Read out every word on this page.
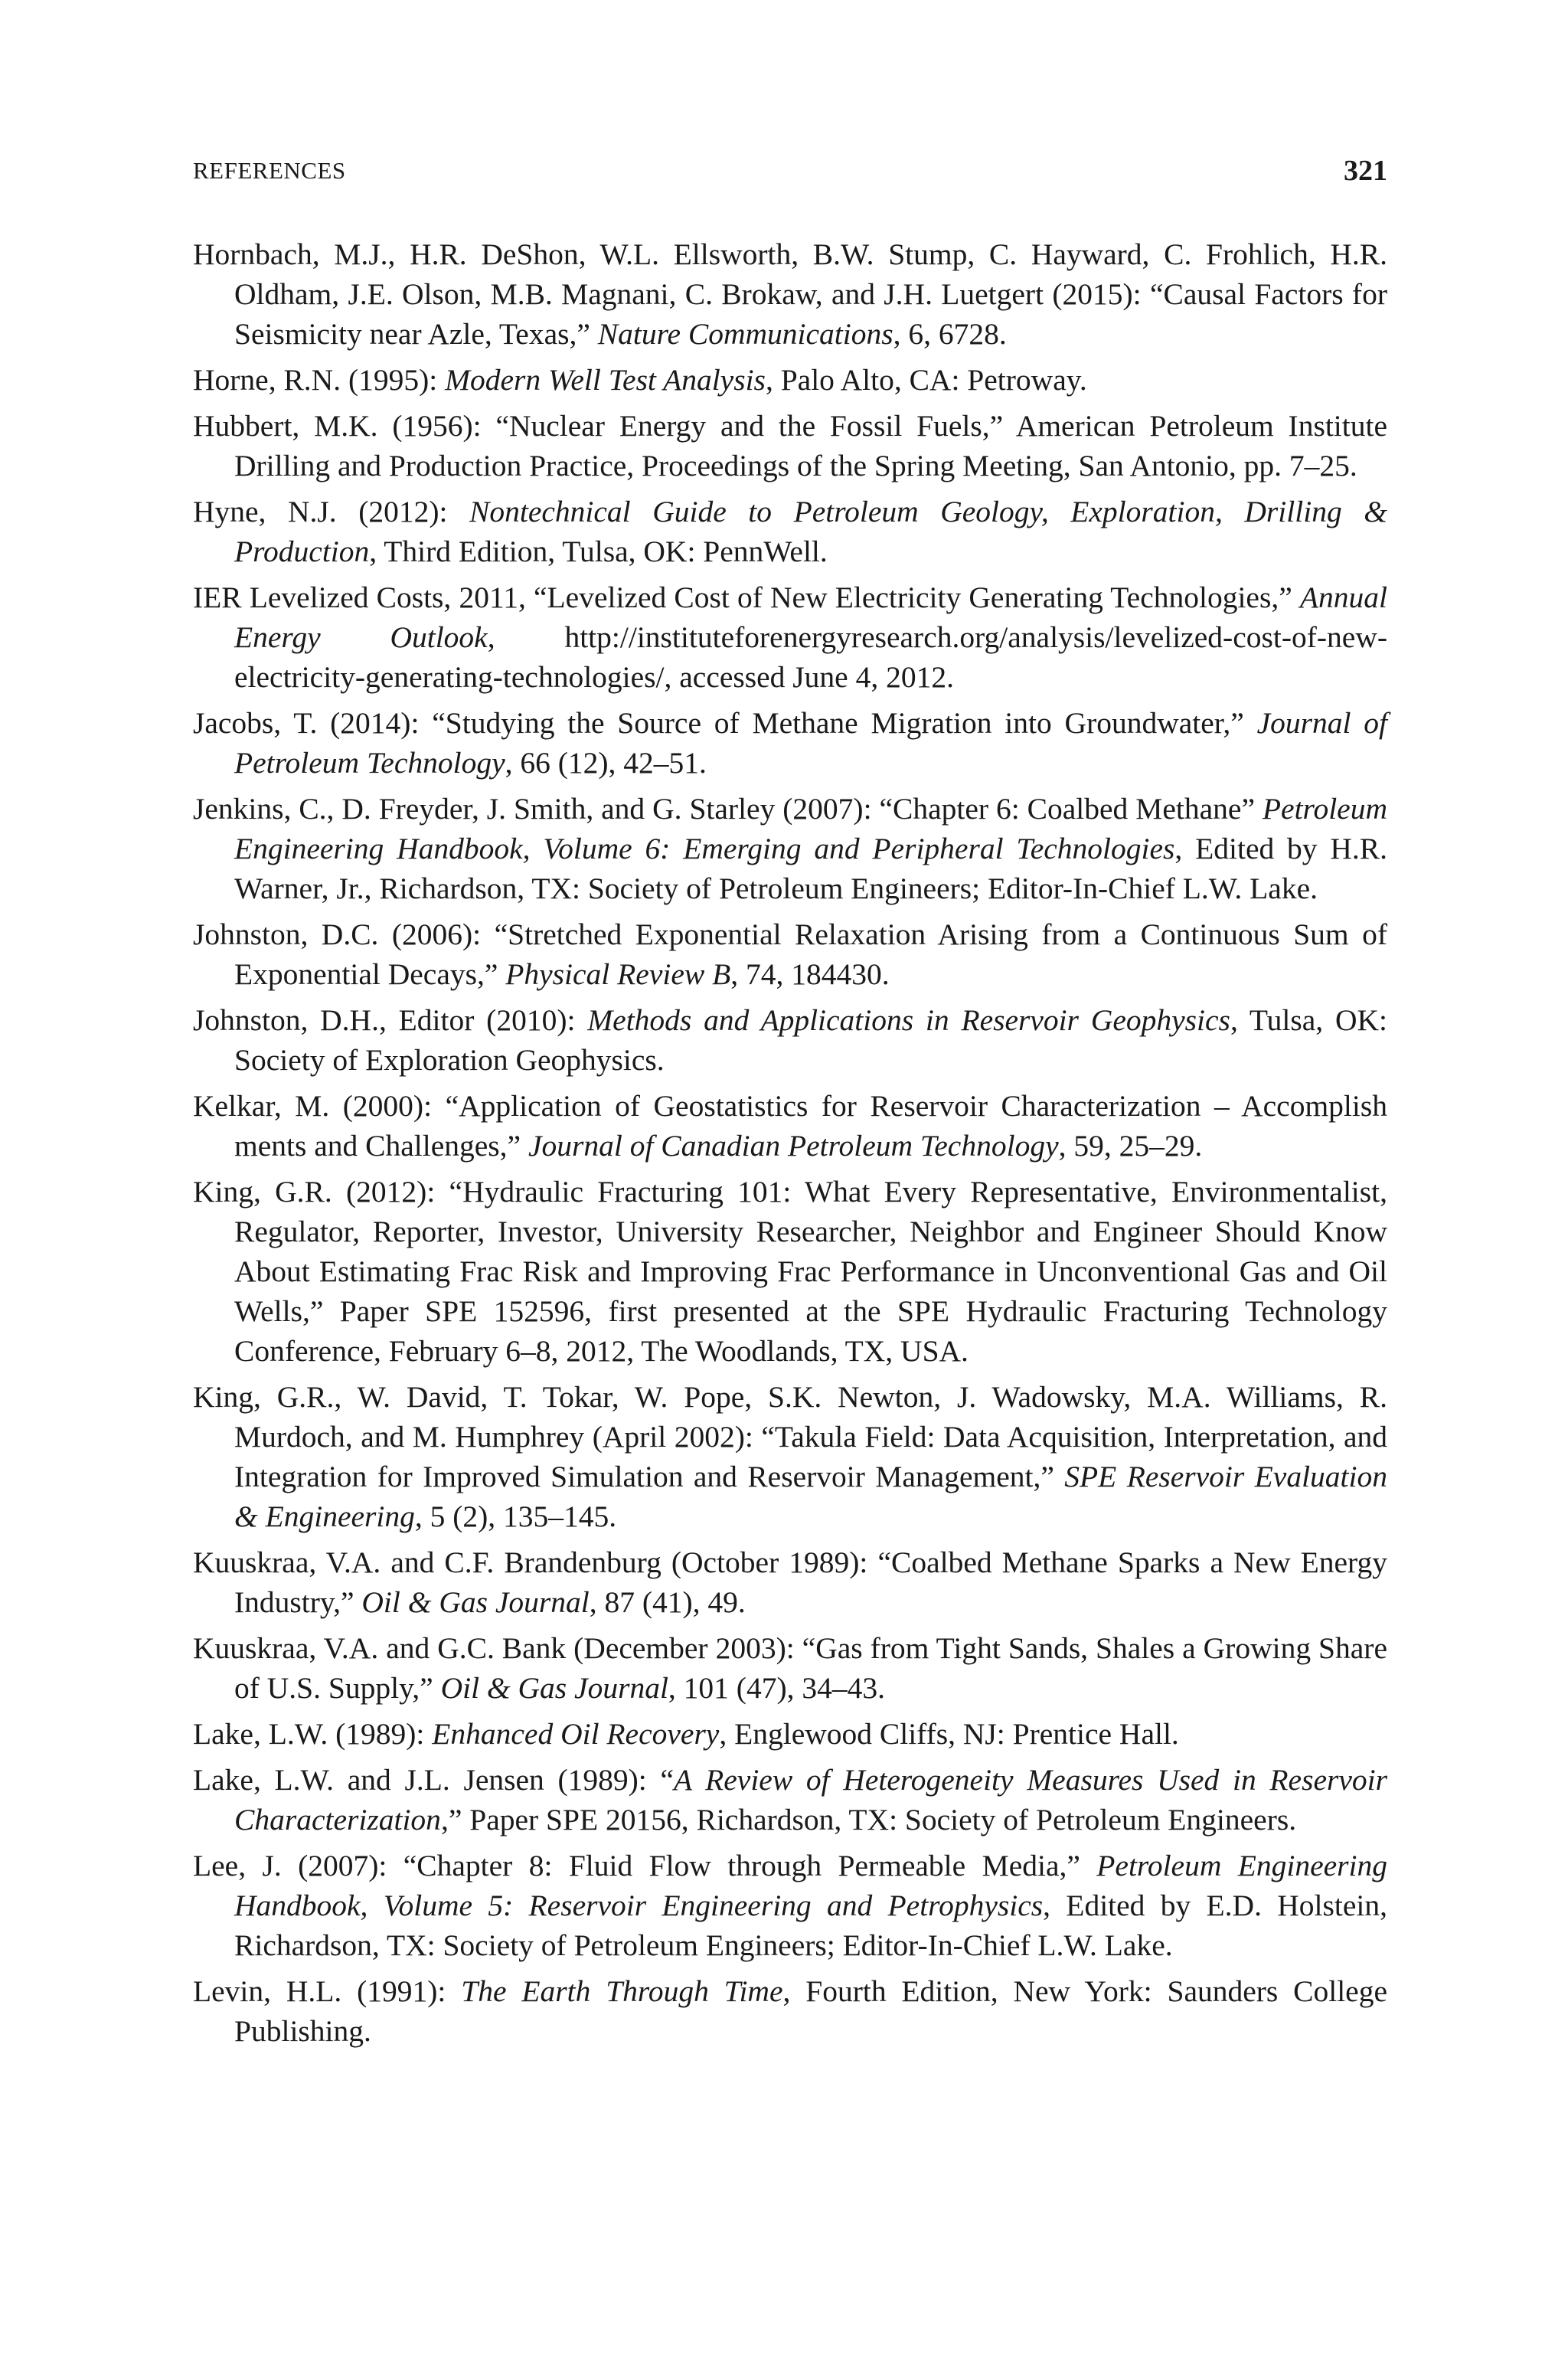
REFERENCES	321

Hornbach, M.J., H.R. DeShon, W.L. Ellsworth, B.W. Stump, C. Hayward, C. Frohlich, H.R. Oldham, J.E. Olson, M.B. Magnani, C. Brokaw, and J.H. Luetgert (2015): “Causal Factors for Seismicity near Azle, Texas,” Nature Communications, 6, 6728.

Horne, R.N. (1995): Modern Well Test Analysis, Palo Alto, CA: Petroway.

Hubbert, M.K. (1956): “Nuclear Energy and the Fossil Fuels,” American Petroleum Institute Drilling and Production Practice, Proceedings of the Spring Meeting, San Antonio, pp. 7–25.

Hyne, N.J. (2012): Nontechnical Guide to Petroleum Geology, Exploration, Drilling & Production, Third Edition, Tulsa, OK: PennWell.

IER Levelized Costs, 2011, “Levelized Cost of New Electricity Generating Technologies,” Annual Energy Outlook, http://instituteforenergyresearch.org/analysis/levelized-cost-of-new-electricity-generating-technologies/, accessed June 4, 2012.

Jacobs, T. (2014): “Studying the Source of Methane Migration into Groundwater,” Journal of Petroleum Technology, 66 (12), 42–51.

Jenkins, C., D. Freyder, J. Smith, and G. Starley (2007): “Chapter 6: Coalbed Methane” Petroleum Engineering Handbook, Volume 6: Emerging and Peripheral Technologies, Edited by H.R. Warner, Jr., Richardson, TX: Society of Petroleum Engineers; Editor-In-Chief L.W. Lake.

Johnston, D.C. (2006): “Stretched Exponential Relaxation Arising from a Continuous Sum of Exponential Decays,” Physical Review B, 74, 184430.

Johnston, D.H., Editor (2010): Methods and Applications in Reservoir Geophysics, Tulsa, OK: Society of Exploration Geophysics.

Kelkar, M. (2000): “Application of Geostatistics for Reservoir Characterization – Accomplish ments and Challenges,” Journal of Canadian Petroleum Technology, 59, 25–29.

King, G.R. (2012): “Hydraulic Fracturing 101: What Every Representative, Environmentalist, Regulator, Reporter, Investor, University Researcher, Neighbor and Engineer Should Know About Estimating Frac Risk and Improving Frac Performance in Unconventional Gas and Oil Wells,” Paper SPE 152596, first presented at the SPE Hydraulic Fracturing Technology Conference, February 6–8, 2012, The Woodlands, TX, USA.

King, G.R., W. David, T. Tokar, W. Pope, S.K. Newton, J. Wadowsky, M.A. Williams, R. Murdoch, and M. Humphrey (April 2002): “Takula Field: Data Acquisition, Interpretation, and Integration for Improved Simulation and Reservoir Management,” SPE Reservoir Evaluation & Engineering, 5 (2), 135–145.

Kuuskraa, V.A. and C.F. Brandenburg (October 1989): “Coalbed Methane Sparks a New Energy Industry,” Oil & Gas Journal, 87 (41), 49.

Kuuskraa, V.A. and G.C. Bank (December 2003): “Gas from Tight Sands, Shales a Growing Share of U.S. Supply,” Oil & Gas Journal, 101 (47), 34–43.

Lake, L.W. (1989): Enhanced Oil Recovery, Englewood Cliffs, NJ: Prentice Hall.

Lake, L.W. and J.L. Jensen (1989): “A Review of Heterogeneity Measures Used in Reservoir Characterization,” Paper SPE 20156, Richardson, TX: Society of Petroleum Engineers.

Lee, J. (2007): “Chapter 8: Fluid Flow through Permeable Media,” Petroleum Engineering Handbook, Volume 5: Reservoir Engineering and Petrophysics, Edited by E.D. Holstein, Richardson, TX: Society of Petroleum Engineers; Editor-In-Chief L.W. Lake.

Levin, H.L. (1991): The Earth Through Time, Fourth Edition, New York: Saunders College Publishing.
